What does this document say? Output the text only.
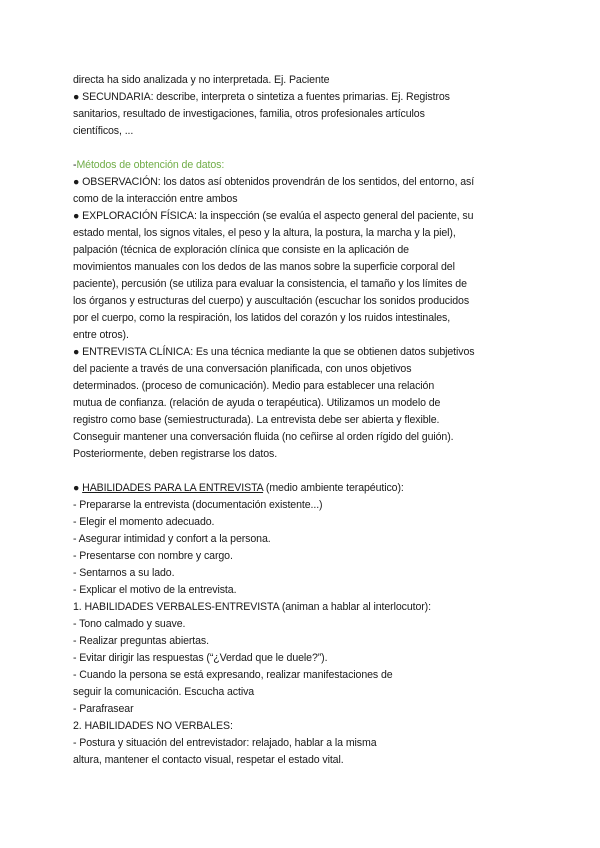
directa ha sido analizada y no interpretada. Ej. Paciente
● SECUNDARIA: describe, interpreta o sintetiza a fuentes primarias. Ej. Registros
sanitarios, resultado de investigaciones, familia, otros profesionales artículos
científicos, ...
-Métodos de obtención de datos:
● OBSERVACIÓN: los datos así obtenidos provendrán de los sentidos, del entorno, así
como de la interacción entre ambos
● EXPLORACIÓN FÍSICA: la inspección (se evalúa el aspecto general del paciente, su
estado mental, los signos vitales, el peso y la altura, la postura, la marcha y la piel),
palpación (técnica de exploración clínica que consiste en la aplicación de
movimientos manuales con los dedos de las manos sobre la superficie corporal del
paciente), percusión (se utiliza para evaluar la consistencia, el tamaño y los límites de
los órganos y estructuras del cuerpo) y auscultación (escuchar los sonidos producidos
por el cuerpo, como la respiración, los latidos del corazón y los ruidos intestinales,
entre otros).
● ENTREVISTA CLÍNICA: Es una técnica mediante la que se obtienen datos subjetivos
del paciente a través de una conversación planificada, con unos objetivos
determinados. (proceso de comunicación). Medio para establecer una relación
mutua de confianza. (relación de ayuda o terapéutica). Utilizamos un modelo de
registro como base (semiestructurada). La entrevista debe ser abierta y flexible.
Conseguir mantener una conversación fluida (no ceñirse al orden rígido del guión).
Posteriormente, deben registrarse los datos.
● HABILIDADES PARA LA ENTREVISTA (medio ambiente terapéutico):
- Prepararse la entrevista (documentación existente...)
- Elegir el momento adecuado.
- Asegurar intimidad y confort a la persona.
- Presentarse con nombre y cargo.
- Sentarnos a su lado.
- Explicar el motivo de la entrevista.
1. HABILIDADES VERBALES-ENTREVISTA (animan a hablar al interlocutor):
- Tono calmado y suave.
- Realizar preguntas abiertas.
- Evitar dirigir las respuestas (“¿Verdad que le duele?”).
- Cuando la persona se está expresando, realizar manifestaciones de
seguir la comunicación. Escucha activa
- Parafrasear
2. HABILIDADES NO VERBALES:
- Postura y situación del entrevistador: relajado, hablar a la misma
altura, mantener el contacto visual, respetar el estado vital.
